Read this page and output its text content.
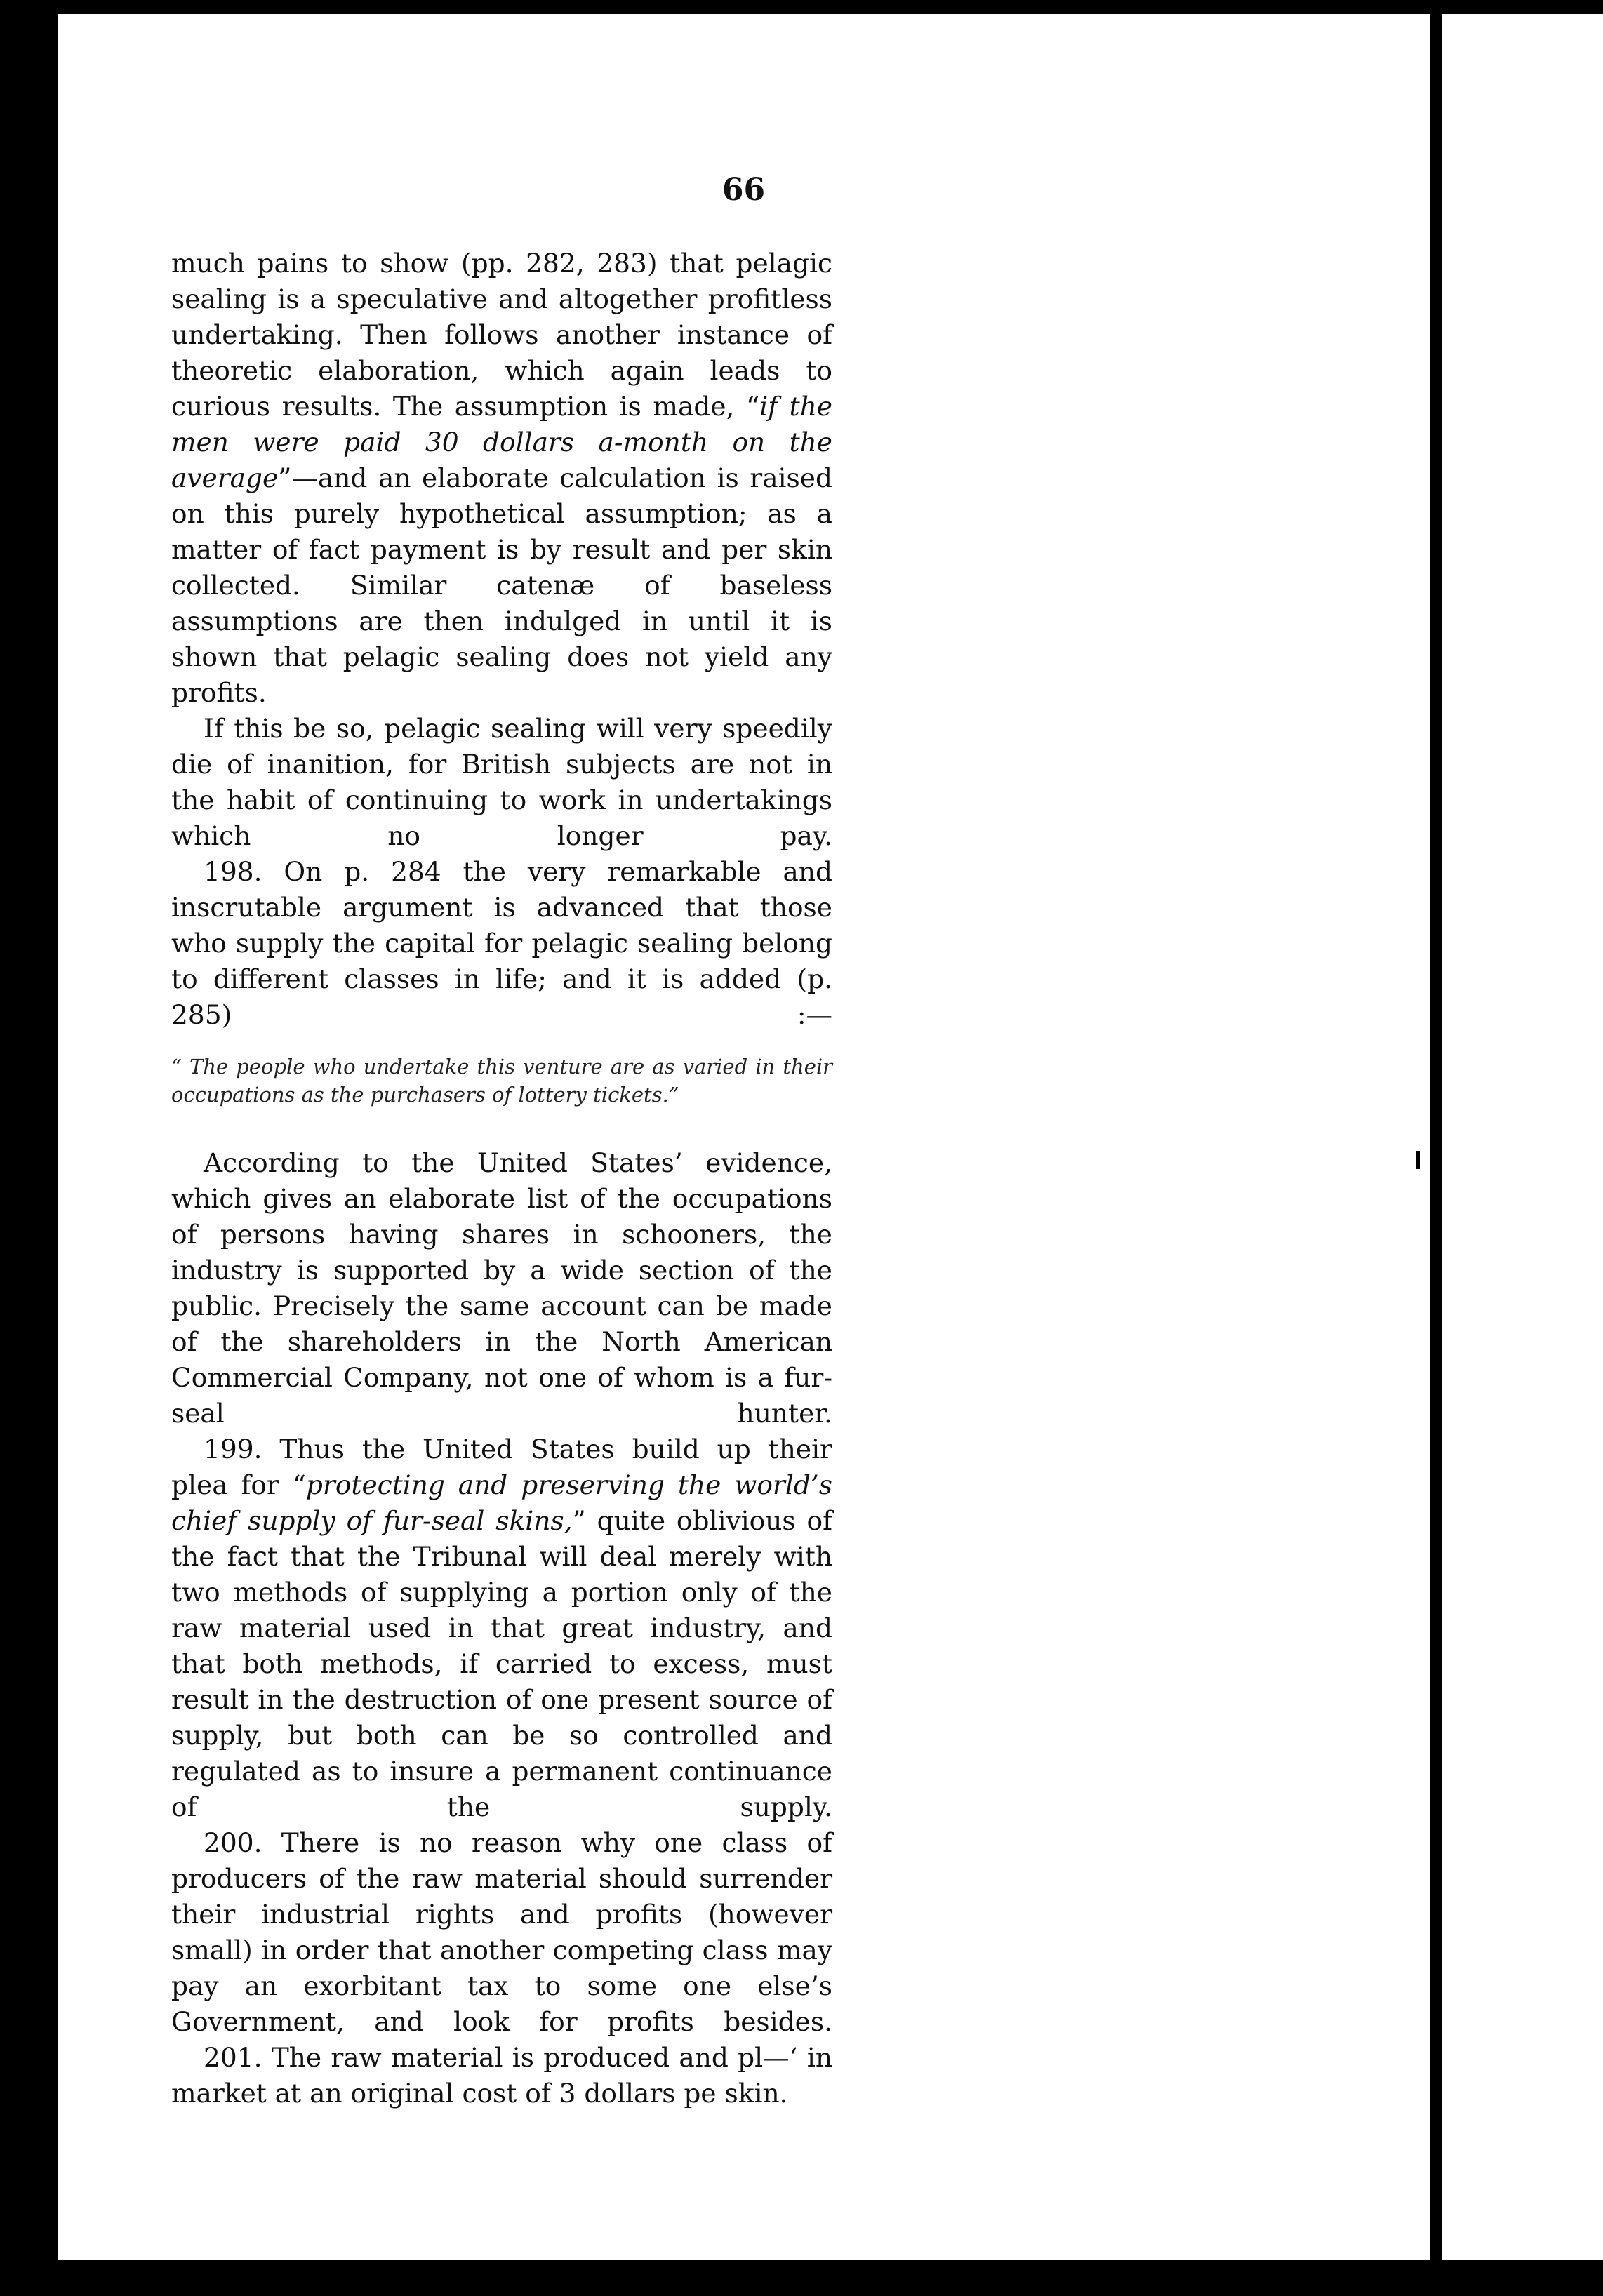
66

much pains to show (pp. 282, 283) that pelagic sealing is a speculative and altogether profitless undertaking. Then follows another instance of theoretic elaboration, which again leads to curious results. The assumption is made, “if the men were paid 30 dollars a-month on the average”—and an elaborate calculation is raised on this purely hypothetical assumption; as a matter of fact payment is by result and per skin collected. Similar catenæ of baseless assumptions are then indulged in until it is shown that pelagic sealing does not yield any profits.

If this be so, pelagic sealing will very speedily die of inanition, for British subjects are not in the habit of continuing to work in undertakings which no longer pay.

198. On p. 284 the very remarkable and inscrutable argument is advanced that those who supply the capital for pelagic sealing belong to different classes in life; and it is added (p. 285) :—

“ The people who undertake this venture are as varied in their occupations as the purchasers of lottery tickets.”

According to the United States’ evidence, which gives an elaborate list of the occupations of persons having shares in schooners, the industry is supported by a wide section of the public. Precisely the same account can be made of the shareholders in the North American Commercial Company, not one of whom is a fur-seal hunter.

199. Thus the United States build up their plea for “protecting and preserving the world’s chief supply of fur-seal skins,” quite oblivious of the fact that the Tribunal will deal merely with two methods of supplying a portion only of the raw material used in that great industry, and that both methods, if carried to excess, must result in the destruction of one present source of supply, but both can be so controlled and regulated as to insure a permanent continuance of the supply.

200. There is no reason why one class of producers of the raw material should surrender their industrial rights and profits (however small) in order that another competing class may pay an exorbitant tax to some one else’s Government, and look for profits besides.

201. The raw material is produced and pl—‘ in market at an original cost of 3 dollars pe skin.
